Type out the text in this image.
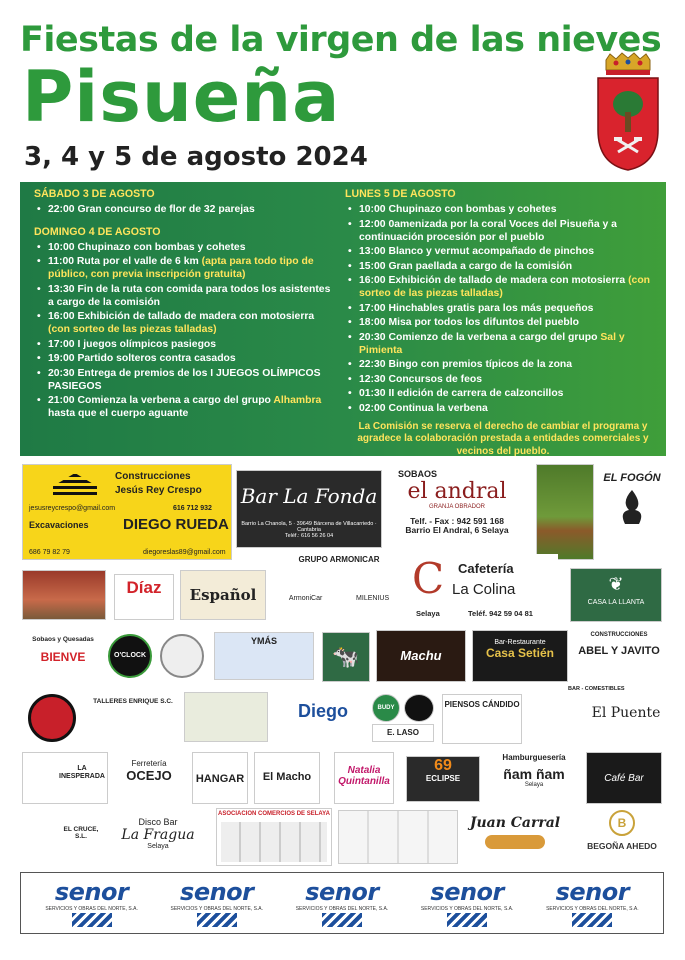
Fiestas de la virgen de las nieves
Pisueña
3, 4 y 5 de agosto 2024
SÁBADO 3 DE AGOSTO
• 22:00 Gran concurso de flor de 32 parejas
DOMINGO 4 DE AGOSTO
• 10:00 Chupinazo con bombas y cohetes
• 11:00 Ruta por el valle de 6 km (apta para todo tipo de público, con previa inscripción gratuita)
• 13:30 Fin de la ruta con comida para todos los asistentes a cargo de la comisión
• 16:00 Exhibición de tallado de madera con motosierra (con sorteo de las piezas talladas)
• 17:00 I juegos olímpicos pasiegos
• 19:00 Partido solteros contra casados
• 20:30 Entrega de premios de los I JUEGOS OLÍMPICOS PASIEGOS
• 21:00 Comienza la verbena a cargo del grupo Alhambra hasta que el cuerpo aguante
LUNES 5 DE AGOSTO
• 10:00 Chupinazo con bombas y cohetes
• 12:00 0amenizada por la coral Voces del Pisueña y a continuación procesión por el pueblo
• 13:00 Blanco y vermut acompañado de pinchos
• 15:00 Gran paellada a cargo de la comisión
• 16:00 Exhibición de tallado de madera con motosierra (con sorteo de las piezas talladas)
• 17:00 Hinchables gratis para los más pequeños
• 18:00 Misa por todos los difuntos del pueblo
• 20:30 Comienzo de la verbena a cargo del grupo Sal y Pimienta
• 22:30 Bingo con premios típicos de la zona
• 12:30 Concursos de feos
• 01:30 II edición de carrera de calzoncillos
• 02:00 Continua la verbena
La Comisión se reserva el derecho de cambiar el programa y agradece la colaboración prestada a entidades comerciales y vecinos del pueblo.
Construcciones
Jesús Rey Crespo
jesusreycrespo@gmail.com	616 712 932
Excavaciones DIEGO RUEDA
686 79 82 79	diegoreslas89@gmail.com
Bar La Fonda
Barrio La Chanola, 5 · 39649 Bárcena de Villacarriedo · Cantabria
Teléf.: 616 56 26 04
SOBAOS
el andral
GRANJA OBRADOR
Telf. - Fax : 942 591 168
Barrio El Andral, 6 Selaya
EL FOGÓN
Díaz	Español
GRUPO ARMONICAR
ArmoniCar	MILENIUS C Cafetería
La Colina
Selaya	Teléf. 942 59 04 81
❦
CASA LA LLANTA
Sobaos y Quesadas
BIENVE	O'CLOCK
YMÁS
🐄	Machu
Bar-Restaurante
Casa Setién
CONSTRUCCIONES
ABEL Y JAVITO
TALLERES ENRIQUE S.C.	Diego	BUDY
E. LASO
PIENSOS CÁNDIDO
BAR - COMESTIBLES
El Puente
LA INESPERADA
Ferretería
OCEJO	HANGAR	El Macho
Natalia Quintanilla
69
ECLIPSE
Hamburguesería
ñam ñam
Selaya
Café Bar
EL CRUCE, S.L.
Disco Bar
La Fragua
Selaya
ASOCIACION COMERCIOS DE SELAYA
Juan Carral	B
BEGOÑA AHEDO
senor
SERVICIOS Y OBRAS DEL NORTE, S.A.
senor
SERVICIOS Y OBRAS DEL NORTE, S.A.
senor
SERVICIOS Y OBRAS DEL NORTE, S.A.
senor
SERVICIOS Y OBRAS DEL NORTE, S.A.
senor
SERVICIOS Y OBRAS DEL NORTE, S.A.
